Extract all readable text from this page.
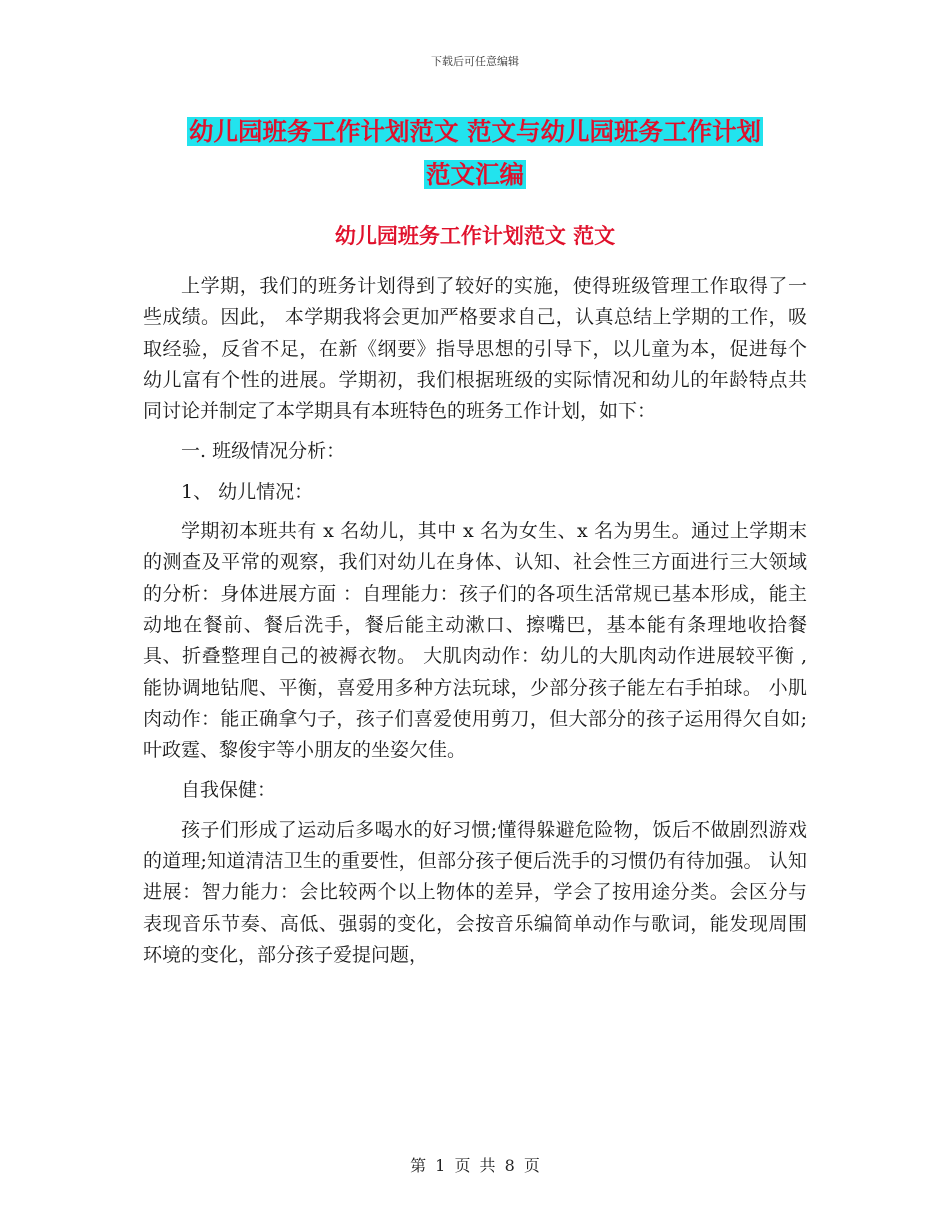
下载后可任意编辑
幼儿园班务工作计划范文 范文与幼儿园班务工作计划
范文汇编
幼儿园班务工作计划范文 范文

上学期，我们的班务计划得到了较好的实施，使得班级管理工作取得了一些成绩。因此， 本学期我将会更加严格要求自己，认真总结上学期的工作，吸取经验，反省不足，在新《纲要》指导思想的引导下，以儿童为本，促进每个幼儿富有个性的进展。学期初，我们根据班级的实际情况和幼儿的年龄特点共同讨论并制定了本学期具有本班特色的班务工作计划，如下：

一. 班级情况分析：

1、 幼儿情况：

学期初本班共有 x 名幼儿，其中 x 名为女生、x 名为男生。通过上学期末的测查及平常的观察，我们对幼儿在身体、认知、社会性三方面进行三大领域的分析：身体进展方面 ：自理能力：孩子们的各项生活常规已基本形成，能主动地在餐前、餐后洗手，餐后能主动漱口、擦嘴巴，基本能有条理地收拾餐具、折叠整理自己的被褥衣物。 大肌肉动作：幼儿的大肌肉动作进展较平衡 ,能协调地钻爬、平衡，喜爱用多种方法玩球，少部分孩子能左右手拍球。 小肌肉动作：能正确拿勺子，孩子们喜爱使用剪刀，但大部分的孩子运用得欠自如;叶政霆、黎俊宇等小朋友的坐姿欠佳。

自我保健：

孩子们形成了运动后多喝水的好习惯;懂得躲避危险物，饭后不做剧烈游戏的道理;知道清洁卫生的重要性，但部分孩子便后洗手的习惯仍有待加强。 认知进展：智力能力：会比较两个以上物体的差异，学会了按用途分类。会区分与表现音乐节奏、高低、强弱的变化，会按音乐编简单动作与歌词，能发现周围环境的变化，部分孩子爱提问题，

第 1 页 共 8 页
